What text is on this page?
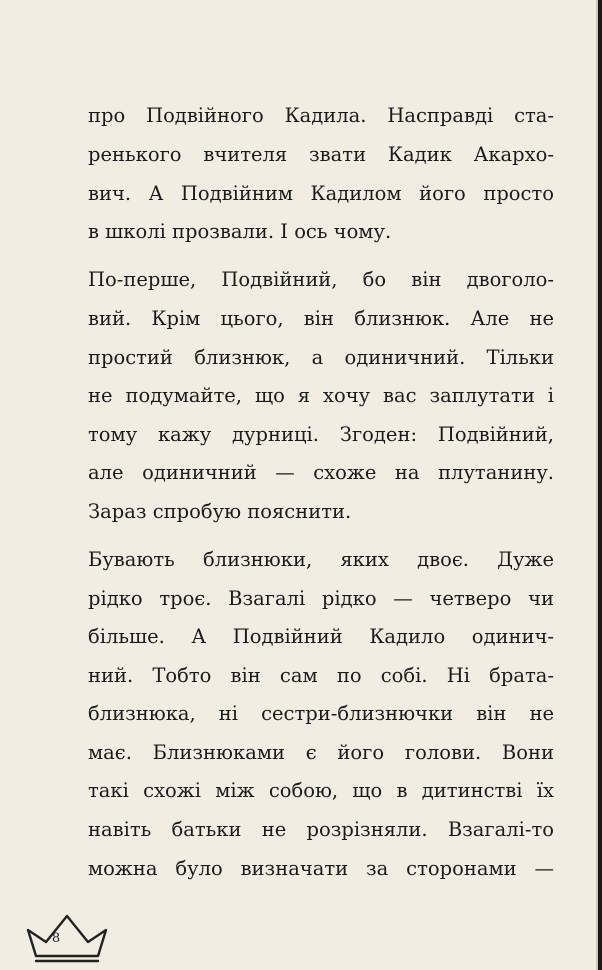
про Подвійного Кадила. Насправді ста-

ренького вчителя звати Кадик Акархо-

вич. А Подвійним Кадилом його просто

в школі прозвали. І ось чому.

По-перше, Подвійний, бо він двоголо-

вий. Крім цього, він близнюк. Але не

простий близнюк, а одиничний. Тільки

не подумайте, що я хочу вас заплутати і

тому кажу дурниці. Згоден: Подвійний,

але одиничний — схоже на плутанину.

Зараз спробую пояснити.

Бувають близнюки, яких двоє. Дуже

рідко троє. Взагалі рідко — четверо чи

більше. А Подвійний Кадило одинич-

ний. Тобто він сам по собі. Ні брата-

близнюка, ні сестри-близнючки він не

має. Близнюками є його голови. Вони

такі схожі між собою, що в дитинстві їх

навіть батьки не розрізняли. Взагалі-то

можна було визначати за сторонами —

8
